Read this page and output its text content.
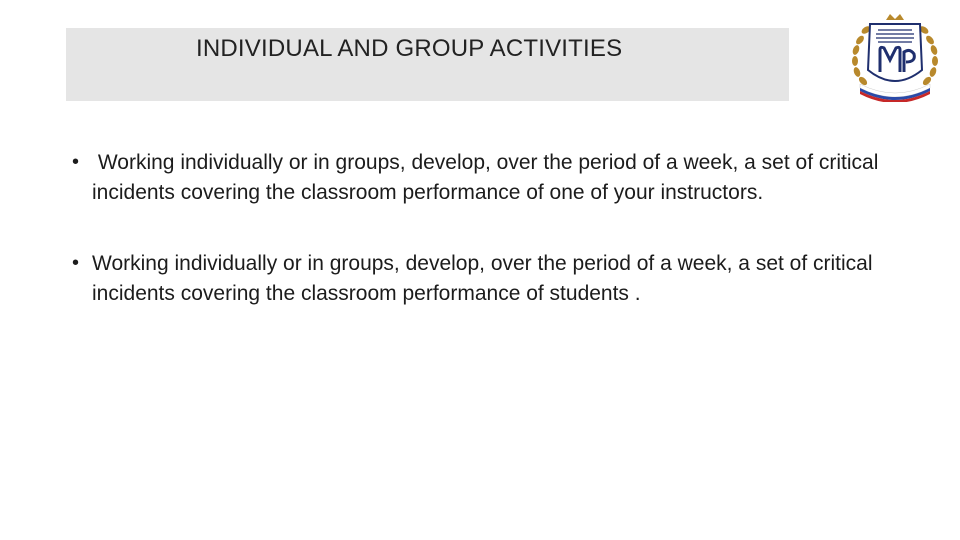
INDIVIDUAL AND GROUP ACTIVITIES
• Working individually or in groups, develop, over the period of a week, a set of critical incidents covering the classroom performance of one of your instructors.
• Working individually or in groups, develop, over the period of a week, a set of critical incidents covering the classroom performance of students .
